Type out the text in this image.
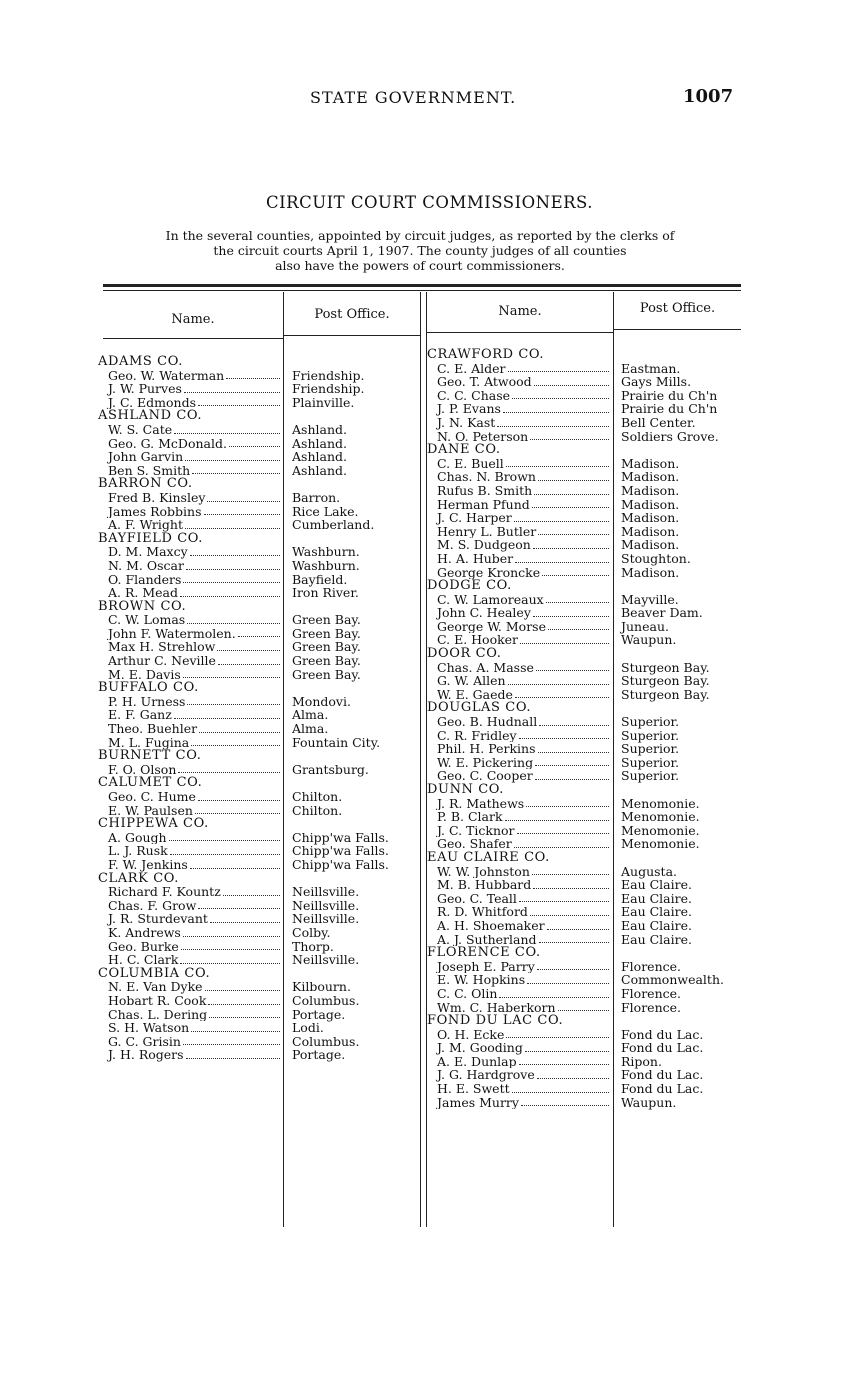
STATE GOVERNMENT.	1007
CIRCUIT COURT COMMISSIONERS.
In the several counties, appointed by circuit judges, as reported by the clerks of
the circuit courts April 1, 1907. The county judges of all counties
also have the powers of court commissioners.
Name.	Post Office.	Name.	Post Office.
ADAMS CO.
Geo. W. Waterman	Friendship.
J. W. Purves	Friendship.
J. C. Edmonds	Plainville.
ASHLAND CO.
W. S. Cate	Ashland.
Geo. G. McDonald.	Ashland.
John Garvin	Ashland.
Ben S. Smith	Ashland.
BARRON CO.
Fred B. Kinsley	Barron.
James Robbins	Rice Lake.
A. F. Wright	Cumberland.
BAYFIELD CO.
D. M. Maxcy	Washburn.
N. M. Oscar	Washburn.
O. Flanders	Bayfield.
A. R. Mead	Iron River.
BROWN CO.
C. W. Lomas	Green Bay.
John F. Watermolen.	Green Bay.
Max H. Strehlow	Green Bay.
Arthur C. Neville	Green Bay.
M. E. Davis	Green Bay.
BUFFALO CO.
P. H. Urness	Mondovi.
E. F. Ganz	Alma.
Theo. Buehler	Alma.
M. L. Fugina	Fountain City.
BURNETT CO.
F. O. Olson	Grantsburg.
CALUMET CO.
Geo. C. Hume	Chilton.
E. W. Paulsen	Chilton.
CHIPPEWA CO.
A. Gough	Chipp'wa Falls.
L. J. Rusk	Chipp'wa Falls.
F. W. Jenkins	Chipp'wa Falls.
CLARK CO.
Richard F. Kountz	Neillsville.
Chas. F. Grow	Neillsville.
J. R. Sturdevant	Neillsville.
K. Andrews	Colby.
Geo. Burke	Thorp.
H. C. Clark	Neillsville.
COLUMBIA CO.
N. E. Van Dyke	Kilbourn.
Hobart R. Cook	Columbus.
Chas. L. Dering	Portage.
S. H. Watson	Lodi.
G. C. Grisin	Columbus.
J. H. Rogers	Portage.
CRAWFORD CO.
C. E. Alder	Eastman.
Geo. T. Atwood	Gays Mills.
C. C. Chase	Prairie du Ch'n
J. P. Evans	Prairie du Ch'n
J. N. Kast	Bell Center.
N. O. Peterson	Soldiers Grove.
DANE CO.
C. E. Buell	Madison.
Chas. N. Brown	Madison.
Rufus B. Smith	Madison.
Herman Pfund	Madison.
J. C. Harper	Madison.
Henry L. Butler	Madison.
M. S. Dudgeon	Madison.
H. A. Huber	Stoughton.
George Kroncke	Madison.
DODGE CO.
C. W. Lamoreaux	Mayville.
John C. Healey	Beaver Dam.
George W. Morse	Juneau.
C. E. Hooker	Waupun.
DOOR CO.
Chas. A. Masse	Sturgeon Bay.
G. W. Allen	Sturgeon Bay.
W. E. Gaede	Sturgeon Bay.
DOUGLAS CO.
Geo. B. Hudnall	Superior.
C. R. Fridley	Superior.
Phil. H. Perkins	Superior.
W. E. Pickering	Superior.
Geo. C. Cooper	Superior.
DUNN CO.
J. R. Mathews	Menomonie.
P. B. Clark	Menomonie.
J. C. Ticknor	Menomonie.
Geo. Shafer	Menomonie.
EAU CLAIRE CO.
W. W. Johnston	Augusta.
M. B. Hubbard	Eau Claire.
Geo. C. Teall	Eau Claire.
R. D. Whitford	Eau Claire.
A. H. Shoemaker	Eau Claire.
A. J. Sutherland	Eau Claire.
FLORENCE CO.
Joseph E. Parry	Florence.
E. W. Hopkins	Commonwealth.
C. C. Olin	Florence.
Wm. C. Haberkorn	Florence.
FOND DU LAC CO.
O. H. Ecke	Fond du Lac.
J. M. Gooding	Fond du Lac.
A. E. Dunlap	Ripon.
J. G. Hardgrove	Fond du Lac.
H. E. Swett	Fond du Lac.
James Murry	Waupun.
